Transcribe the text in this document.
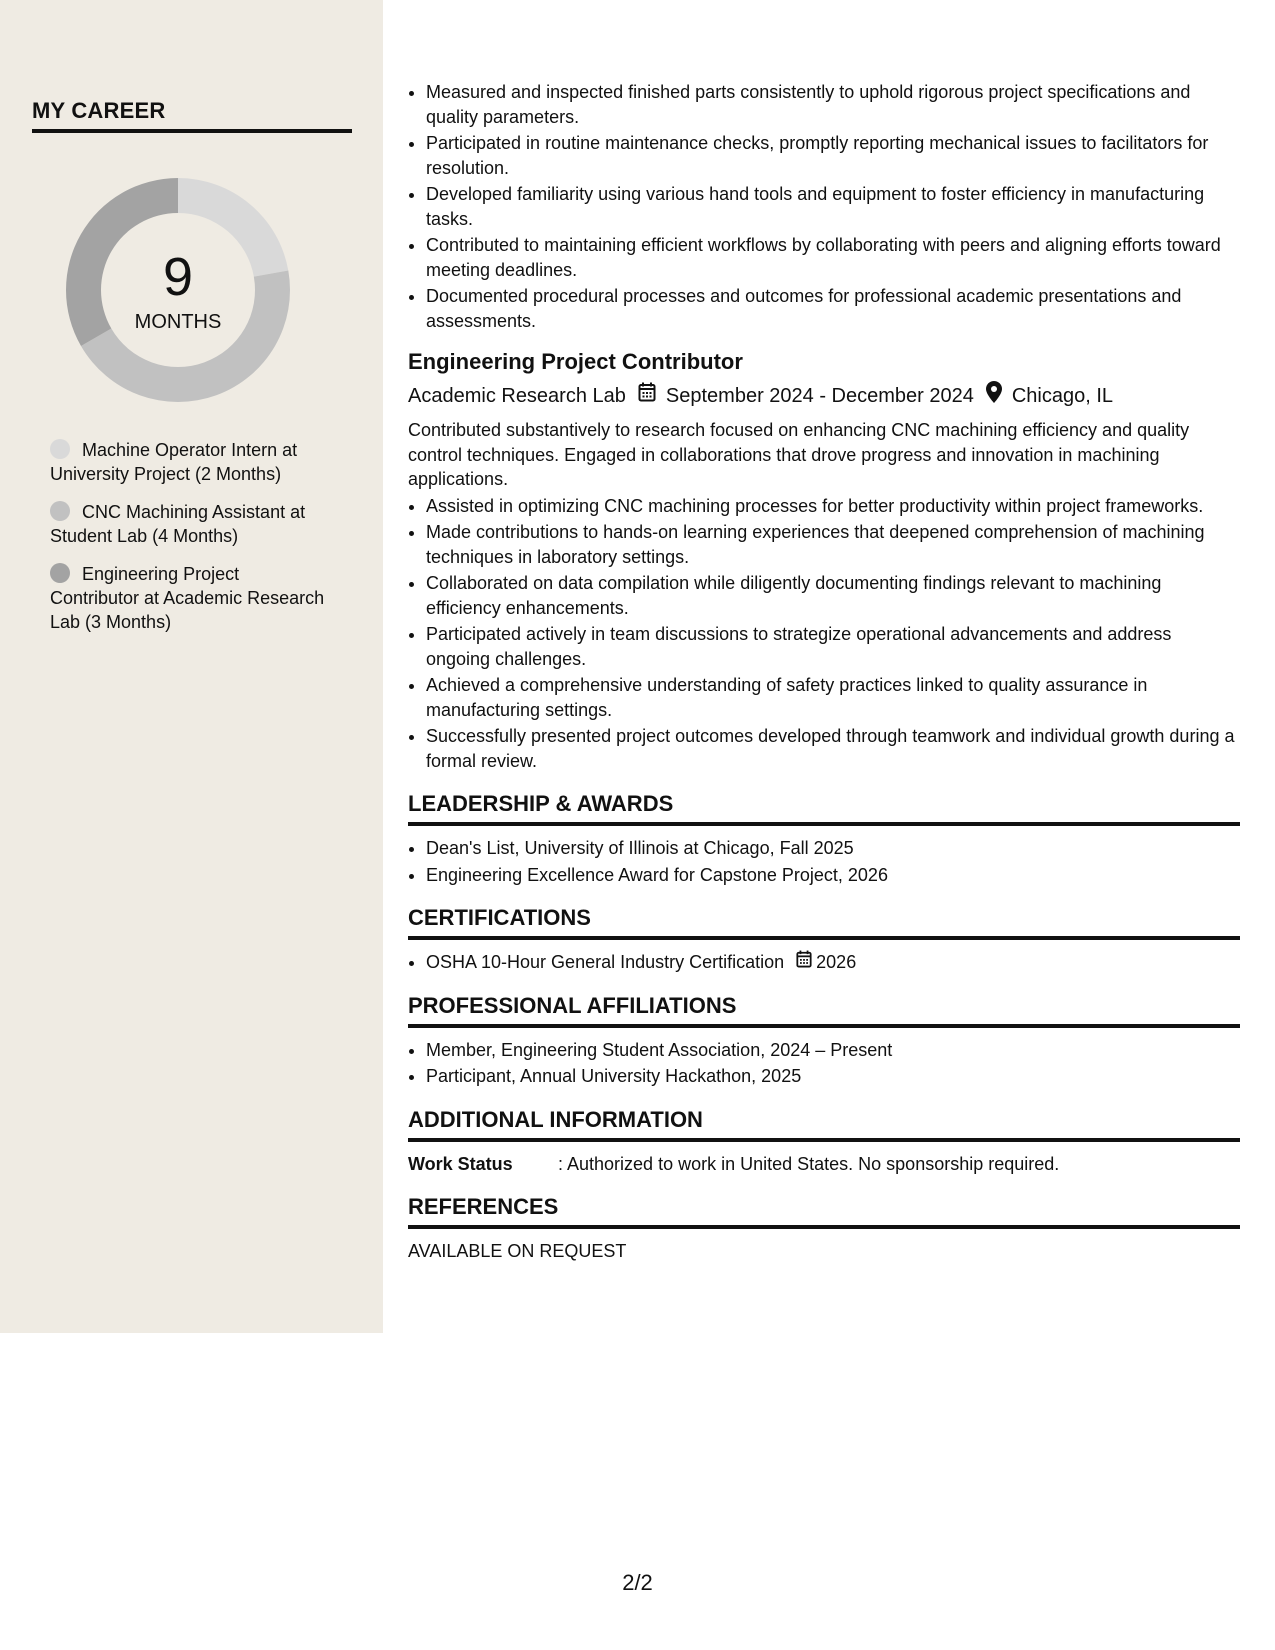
MY CAREER
9
MONTHS
Machine Operator Intern at University Project (2 Months)
CNC Machining Assistant at Student Lab (4 Months)
Engineering Project Contributor at Academic Research Lab (3 Months)
• Measured and inspected finished parts consistently to uphold rigorous project specifications and quality parameters.
• Participated in routine maintenance checks, promptly reporting mechanical issues to facilitators for resolution.
• Developed familiarity using various hand tools and equipment to foster efficiency in manufacturing tasks.
• Contributed to maintaining efficient workflows by collaborating with peers and aligning efforts toward meeting deadlines.
• Documented procedural processes and outcomes for professional academic presentations and assessments.
Engineering Project Contributor
Academic Research Lab September 2024 - December 2024 Chicago, IL

Contributed substantively to research focused on enhancing CNC machining efficiency and quality control techniques. Engaged in collaborations that drove progress and innovation in machining applications.

• Assisted in optimizing CNC machining processes for better productivity within project frameworks.
• Made contributions to hands-on learning experiences that deepened comprehension of machining techniques in laboratory settings.
• Collaborated on data compilation while diligently documenting findings relevant to machining efficiency enhancements.
• Participated actively in team discussions to strategize operational advancements and address ongoing challenges.
• Achieved a comprehensive understanding of safety practices linked to quality assurance in manufacturing settings.
• Successfully presented project outcomes developed through teamwork and individual growth during a formal review.
LEADERSHIP & AWARDS
• Dean's List, University of Illinois at Chicago, Fall 2025
• Engineering Excellence Award for Capstone Project, 2026
CERTIFICATIONS
• OSHA 10-Hour General Industry Certification 2026
PROFESSIONAL AFFILIATIONS
• Member, Engineering Student Association, 2024 – Present
• Participant, Annual University Hackathon, 2025
ADDITIONAL INFORMATION
Work Status	: Authorized to work in United States. No sponsorship required.
REFERENCES
AVAILABLE ON REQUEST
2/2
